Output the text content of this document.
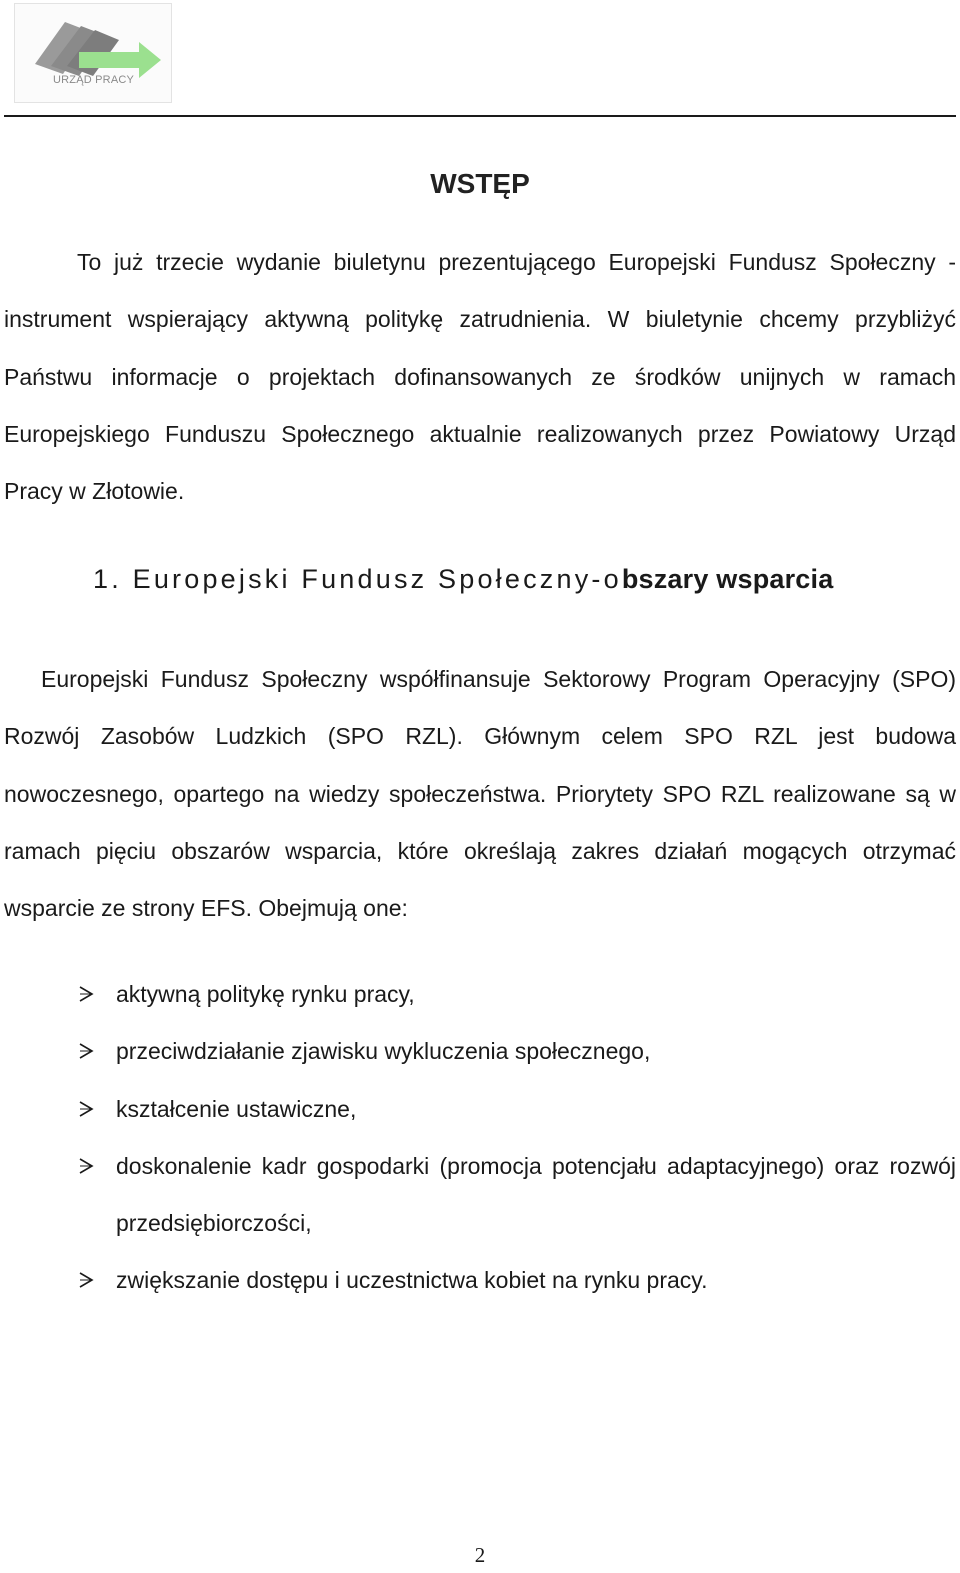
URZĄD PRACY
WSTĘP

To już trzecie wydanie biuletynu prezentującego Europejski Fundusz Społeczny - instrument wspierający aktywną politykę zatrudnienia. W biuletynie chcemy przybliżyć Państwu informacje o projektach dofinansowanych ze środków unijnych w ramach Europejskiego Funduszu Społecznego aktualnie realizowanych przez Powiatowy Urząd Pracy w Złotowie.

1. Europejski Fundusz Społeczny-obszary wsparcia

Europejski Fundusz Społeczny współfinansuje Sektorowy Program Operacyjny (SPO) Rozwój Zasobów Ludzkich (SPO RZL). Głównym celem SPO RZL jest budowa nowoczesnego, opartego na wiedzy społeczeństwa. Priorytety SPO RZL realizowane są w ramach pięciu obszarów wsparcia, które określają zakres działań mogących otrzymać wsparcie ze strony EFS. Obejmują one:

aktywną politykę rynku pracy,
przeciwdziałanie zjawisku wykluczenia społecznego,
kształcenie ustawiczne,
doskonalenie kadr gospodarki (promocja potencjału adaptacyjnego) oraz rozwój przedsiębiorczości,
zwiększanie dostępu i uczestnictwa kobiet na rynku pracy.
2
